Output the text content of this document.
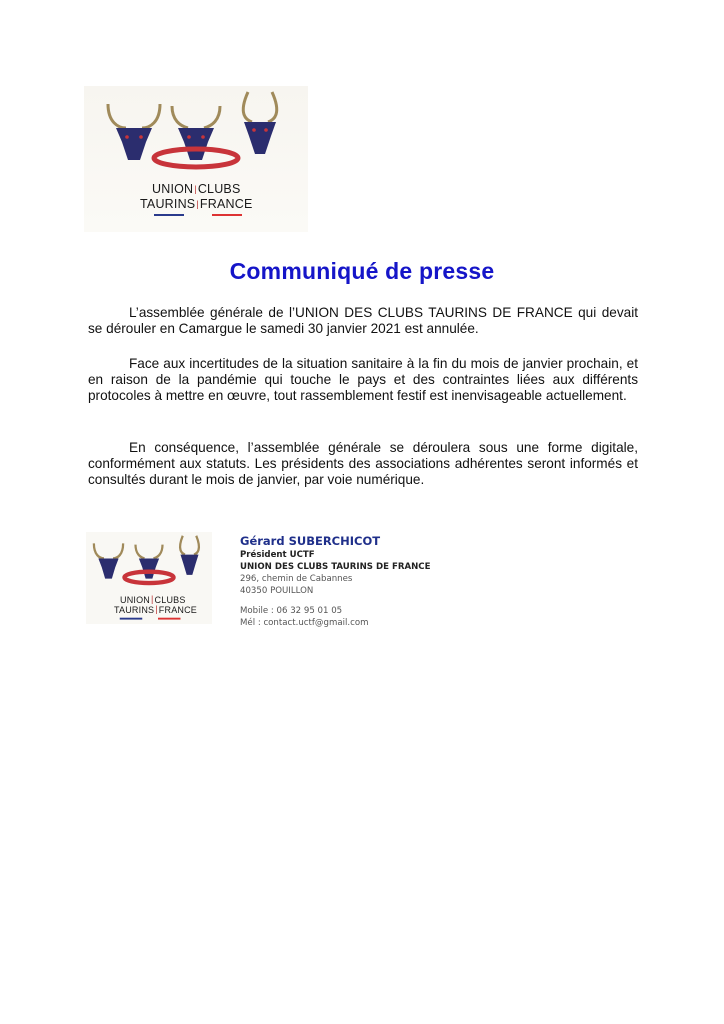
UNION|CLUBS
TAURINS|FRANCE
Communiqué de presse

L’assemblée générale de l’UNION DES CLUBS TAURINS DE FRANCE qui devait se dérouler en Camargue le samedi 30 janvier 2021 est annulée.

Face aux incertitudes de la situation sanitaire à la fin du mois de janvier prochain, et en raison de la pandémie qui touche le pays et des contraintes liées aux différents protocoles à mettre en œuvre, tout rassemblement festif est inenvisageable actuellement.

En conséquence, l’assemblée générale se déroulera sous une forme digitale, conformément aux statuts. Les présidents des associations adhérentes seront informés et consultés durant le mois de janvier, par voie numérique.

UNION|CLUBS
TAURINS|FRANCE
Gérard SUBERCHICOT
Président UCTF
UNION DES CLUBS TAURINS DE FRANCE
296, chemin de Cabannes
40350 POUILLON
Mobile : 06 32 95 01 05
Mél : contact.uctf@gmail.com
